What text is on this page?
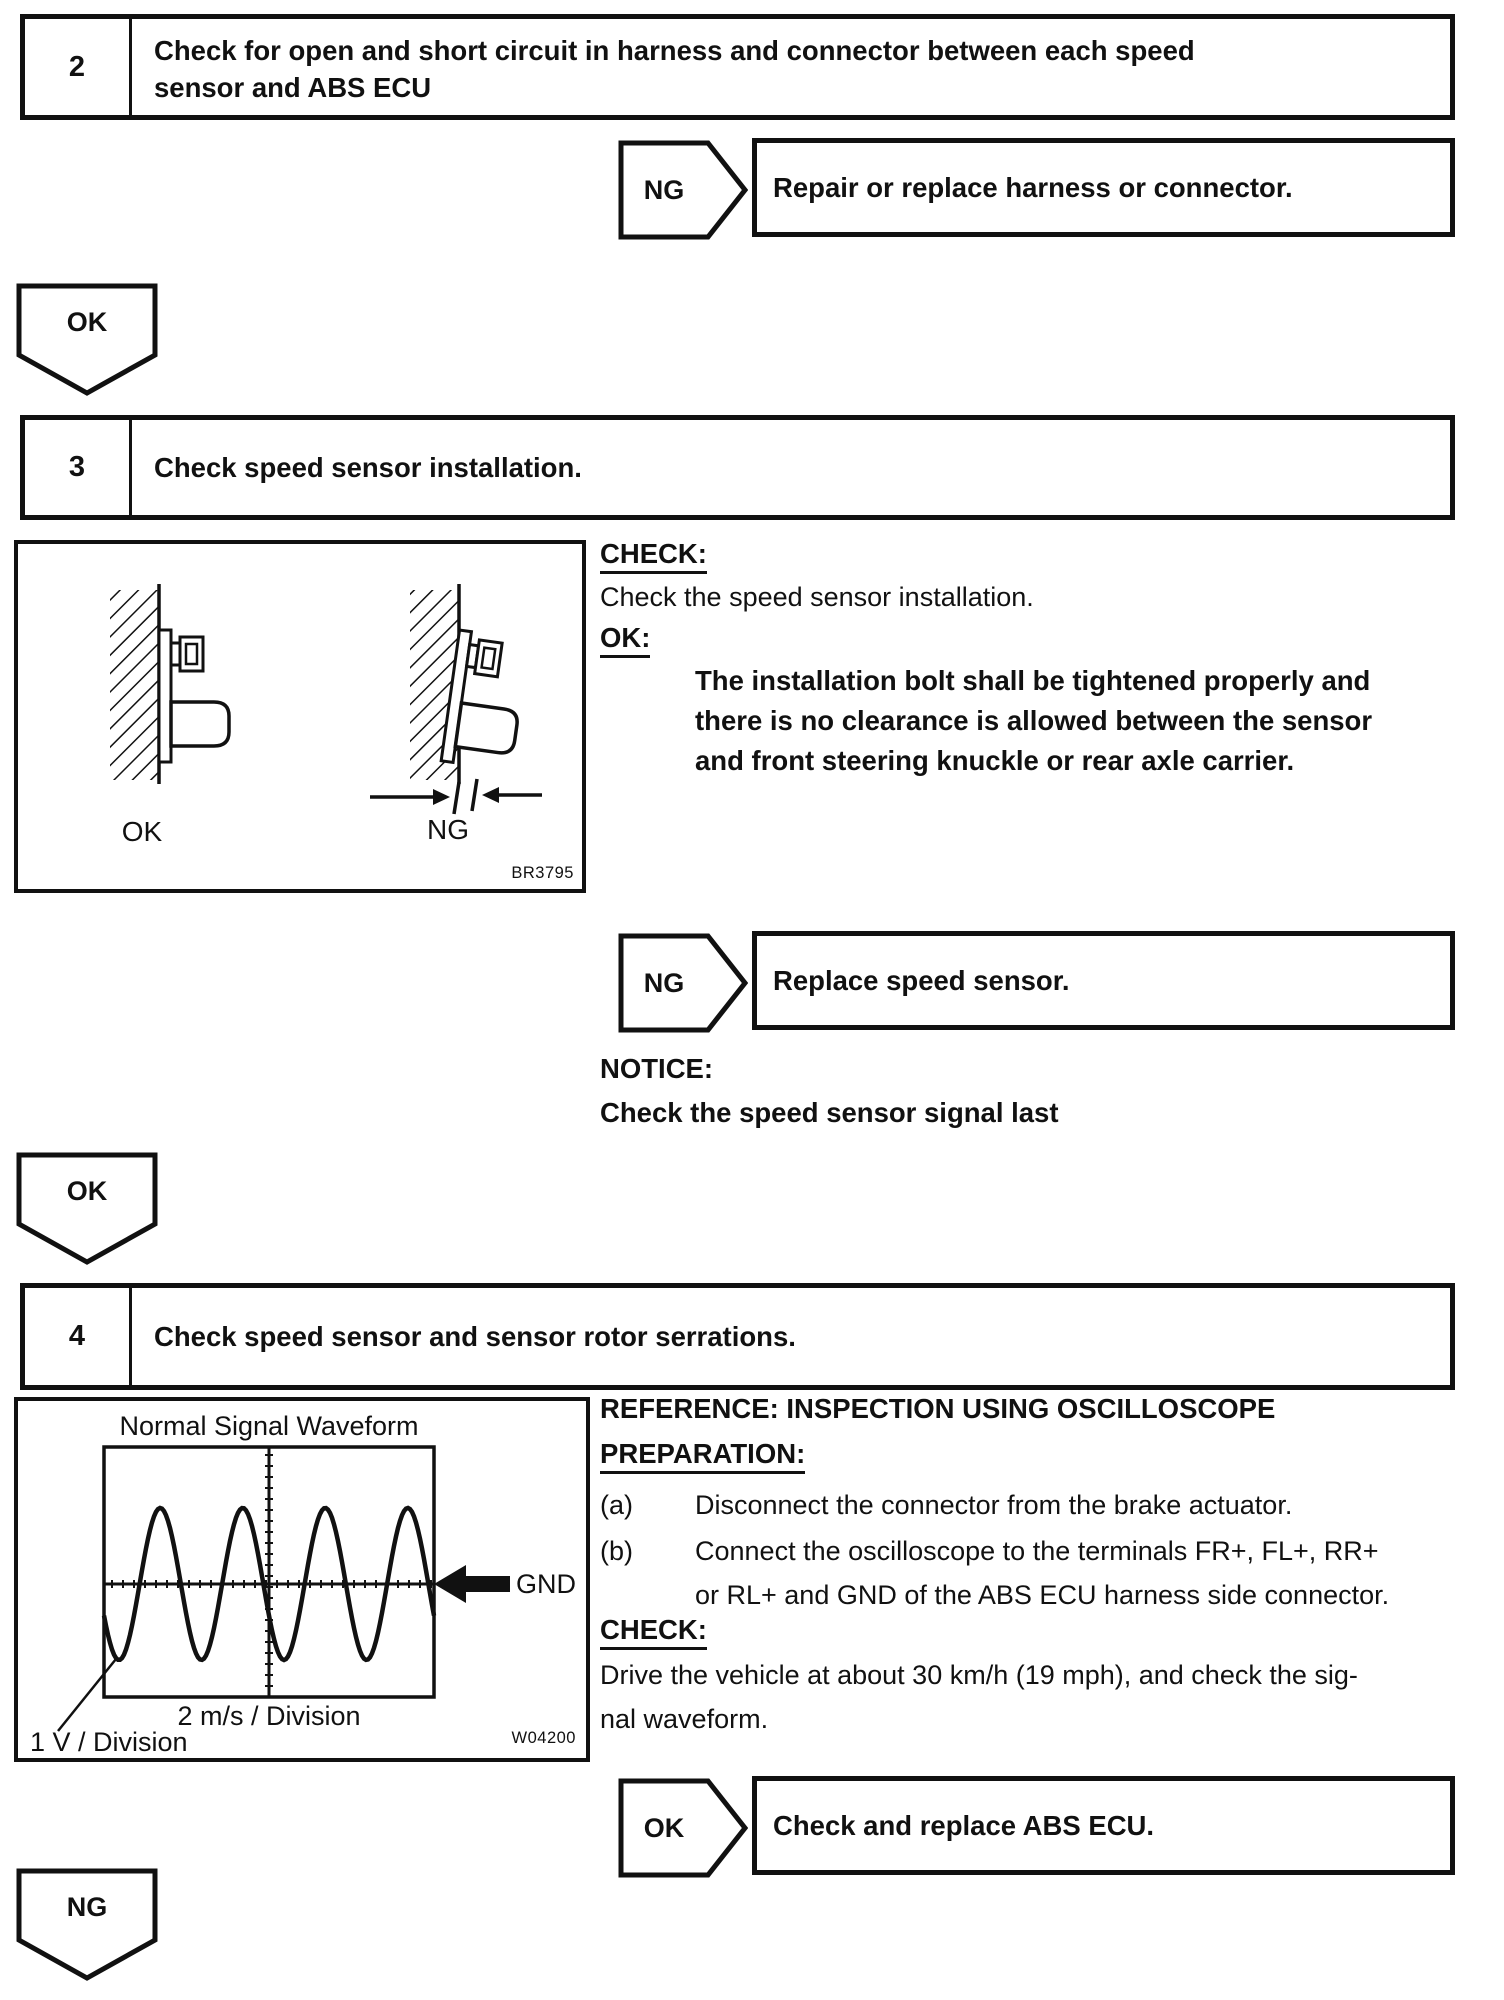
2	Check for open and short circuit in harness and connector between each speed
sensor and ABS ECU
NG	Repair or replace harness or connector.
OK
3	Check speed sensor installation.
OK	NG
BR3795
CHECK:
Check the speed sensor installation.
OK:
The installation bolt shall be tightened properly and
there is no clearance is allowed between the sensor
and front steering knuckle or rear axle carrier.
NG	Replace speed sensor.
NOTICE:
Check the speed sensor signal last
OK
4	Check speed sensor and sensor rotor serrations.
Normal Signal Waveform
GND
2 m/s / Division
1 V / Division	W04200
REFERENCE: INSPECTION USING OSCILLOSCOPE
PREPARATION:
(a) Disconnect the connector from the brake actuator.
(b) Connect the oscilloscope to the terminals FR+, FL+, RR+
or RL+ and GND of the ABS ECU harness side connector.
CHECK:
Drive the vehicle at about 30 km/h (19 mph), and check the sig-
nal waveform.
OK	Check and replace ABS ECU.
NG
